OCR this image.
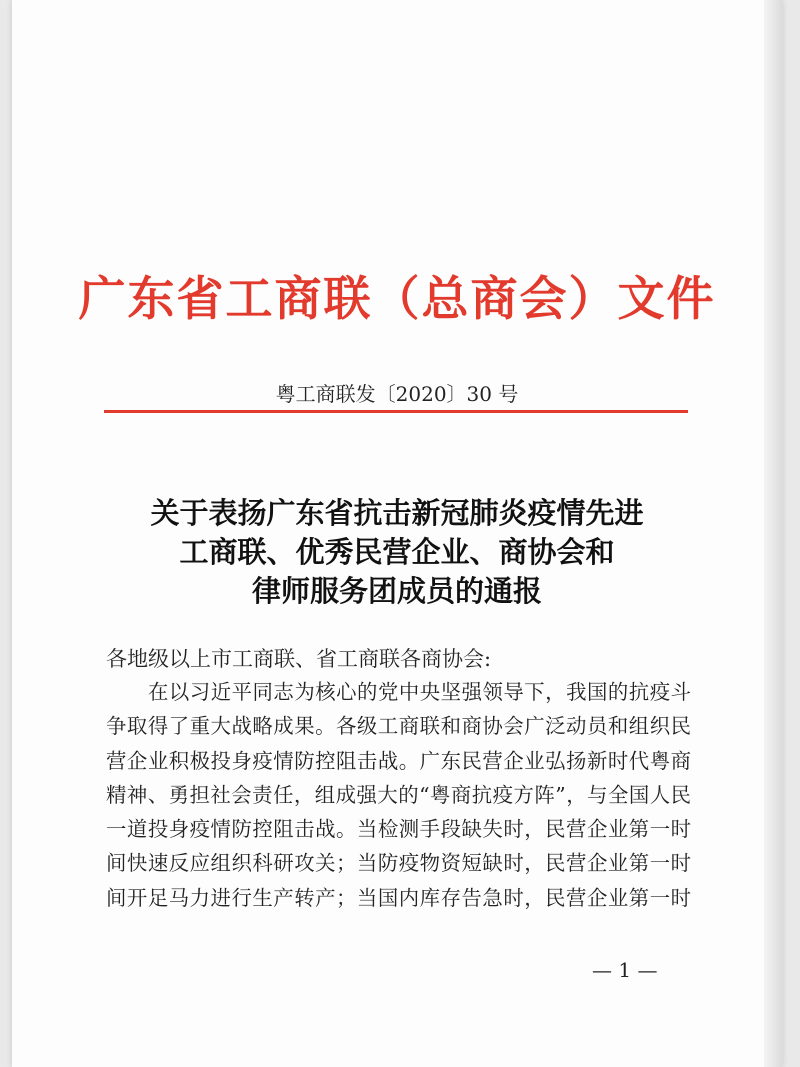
广东省工商联（总商会）文件
粤工商联发〔2020〕30 号
关于表扬广东省抗击新冠肺炎疫情先进
工商联、优秀民营企业、商协会和
律师服务团成员的通报
各地级以上市工商联、省工商联各商协会:
在以习近平同志为核心的党中央坚强领导下，我国的抗疫斗
争取得了重大战略成果。各级工商联和商协会广泛动员和组织民
营企业积极投身疫情防控阻击战。广东民营企业弘扬新时代粤商
精神、勇担社会责任，组成强大的“粤商抗疫方阵”，与全国人民
一道投身疫情防控阻击战。当检测手段缺失时，民营企业第一时
间快速反应组织科研攻关；当防疫物资短缺时，民营企业第一时
间开足马力进行生产转产；当国内库存告急时，民营企业第一时
— 1 —
